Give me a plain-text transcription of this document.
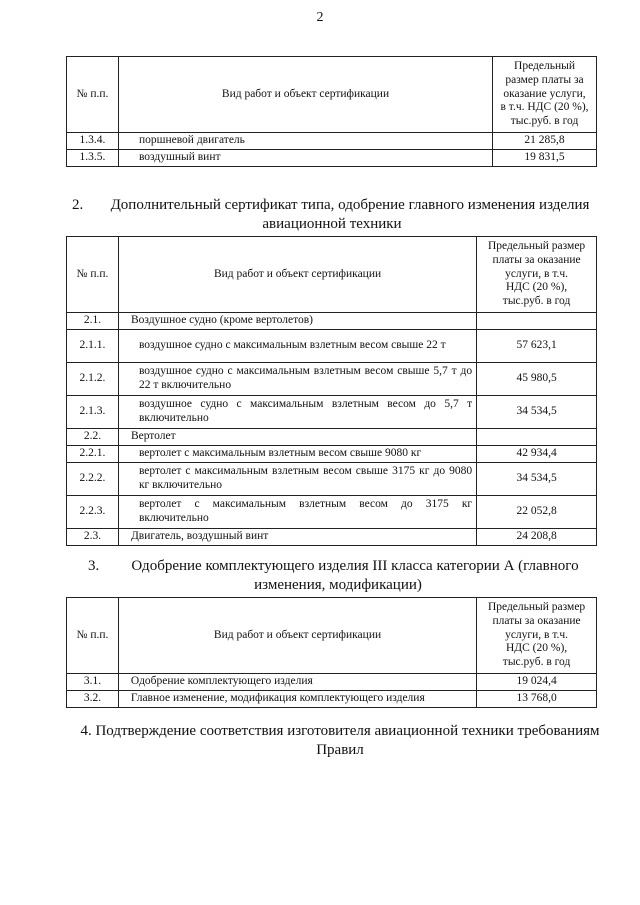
2
№ п.п.	Вид работ и объект сертификации	Предельный
размер платы за
оказание услуги,
в т.ч. НДС (20 %),
тыс.руб. в год

1.3.4.	поршневой двигатель	21 285,8
1.3.5.	воздушный винт	19 831,5
2.	Дополнительный сертификат типа, одобрение главного изменения изделия
авиационной техники
№ п.п.	Вид работ и объект сертификации	Предельный размер
платы за оказание
услуги, в т.ч.
НДС (20 %),
тыс.руб. в год

2.1.	Воздушное судно (кроме вертолетов)	
2.1.1.	воздушное судно с максимальным взлетным весом свыше 22 т	57 623,1
2.1.2.	воздушное судно с максимальным взлетным весом свыше 5,7 т до 22 т включительно	45 980,5
2.1.3.	воздушное судно с максимальным взлетным весом до 5,7 т включительно	34 534,5
2.2.	Вертолет	
2.2.1.	вертолет с максимальным взлетным весом свыше 9080 кг	42 934,4
2.2.2.	вертолет с максимальным взлетным весом свыше 3175 кг до 9080 кг включительно	34 534,5
2.2.3.	вертолет с максимальным взлетным весом до 3175 кг включительно	22 052,8
2.3.	Двигатель, воздушный винт	24 208,8
3.	Одобрение комплектующего изделия III класса категории А (главного
изменения, модификации)
№ п.п.	Вид работ и объект сертификации	Предельный размер
платы за оказание
услуги, в т.ч.
НДС (20 %),
тыс.руб. в год

3.1.	Одобрение комплектующего изделия	19 024,4
3.2.	Главное изменение, модификация комплектующего изделия	13 768,0
4. Подтверждение соответствия изготовителя авиационной техники требованиям
Правил
